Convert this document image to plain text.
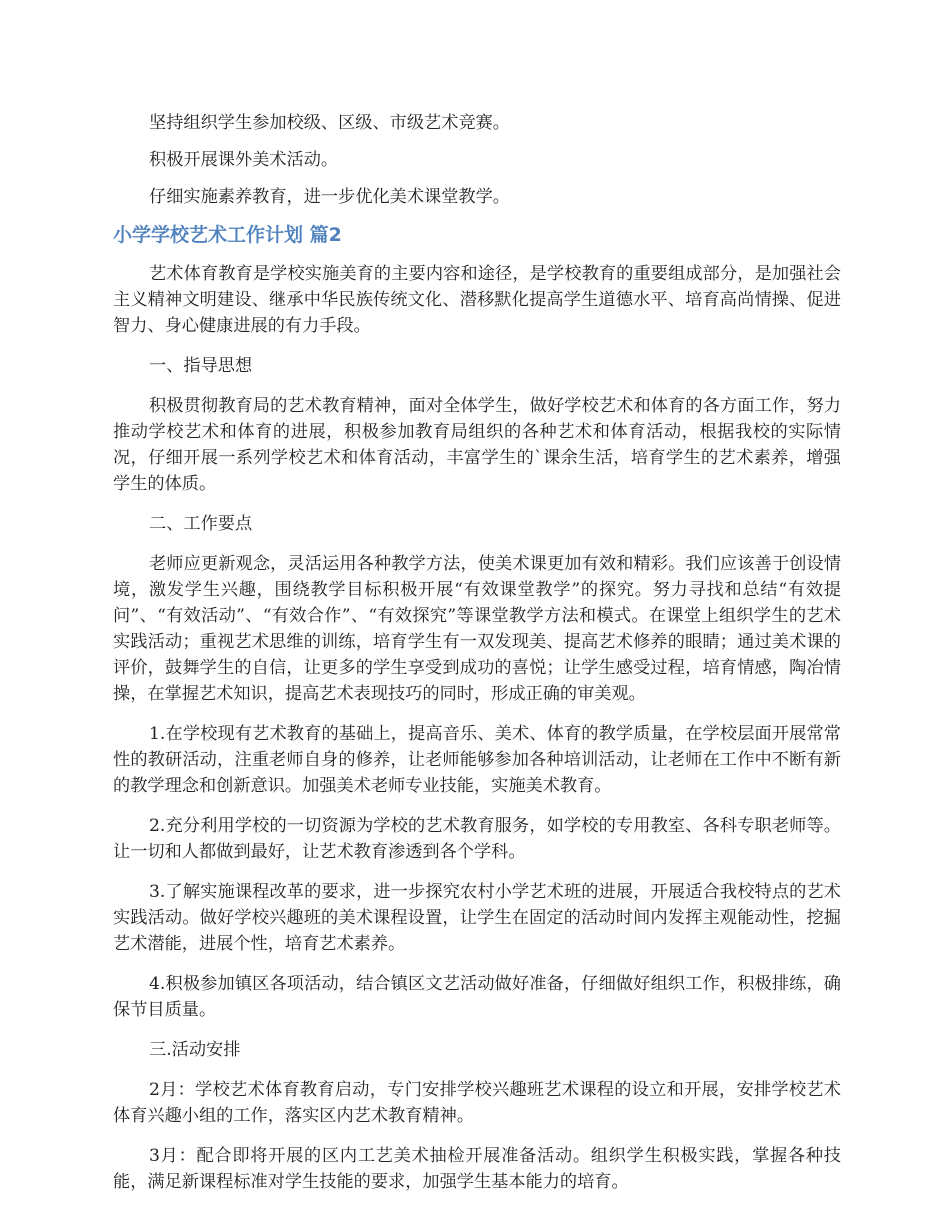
坚持组织学生参加校级、区级、市级艺术竞赛。

积极开展课外美术活动。

仔细实施素养教育，进一步优化美术课堂教学。

小学学校艺术工作计划 篇2

艺术体育教育是学校实施美育的主要内容和途径，是学校教育的重要组成部分，是加强社会主义精神文明建设、继承中华民族传统文化、潜移默化提高学生道德水平、培育高尚情操、促进智力、身心健康进展的有力手段。

一、指导思想

积极贯彻教育局的艺术教育精神，面对全体学生，做好学校艺术和体育的各方面工作，努力推动学校艺术和体育的进展，积极参加教育局组织的各种艺术和体育活动，根据我校的实际情况，仔细开展一系列学校艺术和体育活动，丰富学生的`课余生活，培育学生的艺术素养，增强学生的体质。

二、工作要点

老师应更新观念，灵活运用各种教学方法，使美术课更加有效和精彩。我们应该善于创设情境，激发学生兴趣，围绕教学目标积极开展“有效课堂教学”的探究。努力寻找和总结“有效提问”、“有效活动”、“有效合作”、“有效探究”等课堂教学方法和模式。在课堂上组织学生的艺术实践活动；重视艺术思维的训练，培育学生有一双发现美、提高艺术修养的眼睛；通过美术课的评价，鼓舞学生的自信，让更多的学生享受到成功的喜悦；让学生感受过程，培育情感，陶冶情操，在掌握艺术知识，提高艺术表现技巧的同时，形成正确的审美观。

1.在学校现有艺术教育的基础上，提高音乐、美术、体育的教学质量，在学校层面开展常常性的教研活动，注重老师自身的修养，让老师能够参加各种培训活动，让老师在工作中不断有新的教学理念和创新意识。加强美术老师专业技能，实施美术教育。

2.充分利用学校的一切资源为学校的艺术教育服务，如学校的专用教室、各科专职老师等。让一切和人都做到最好，让艺术教育渗透到各个学科。

3.了解实施课程改革的要求，进一步探究农村小学艺术班的进展，开展适合我校特点的艺术实践活动。做好学校兴趣班的美术课程设置，让学生在固定的活动时间内发挥主观能动性，挖掘艺术潜能，进展个性，培育艺术素养。

4.积极参加镇区各项活动，结合镇区文艺活动做好准备，仔细做好组织工作，积极排练，确保节目质量。

三.活动安排

2月：学校艺术体育教育启动，专门安排学校兴趣班艺术课程的设立和开展，安排学校艺术体育兴趣小组的工作，落实区内艺术教育精神。

3月：配合即将开展的区内工艺美术抽检开展准备活动。组织学生积极实践，掌握各种技能，满足新课程标准对学生技能的要求，加强学生基本能力的培育。
